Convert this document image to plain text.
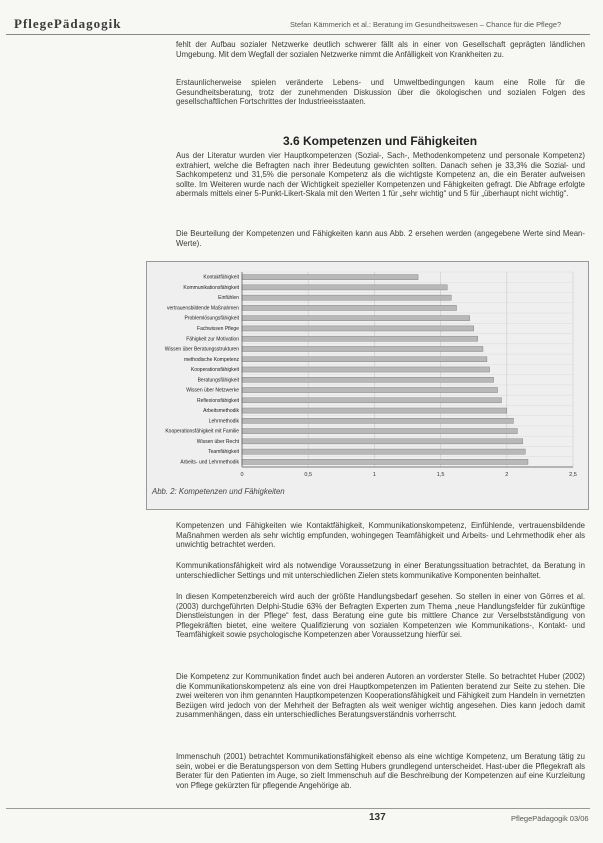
PflegePädagogik	Stefan Kämmerich et al.: Beratung im Gesundheitswesen – Chance für die Pflege?
fehlt der Aufbau sozialer Netzwerke deutlich schwerer fällt als in einer von Gesellschaft geprägten ländlichen Umgebung. Mit dem Wegfall der sozialen Netzwerke nimmt die Anfälligkeit von Krankheiten zu.
Erstaunlicherweise spielen veränderte Lebens- und Umweltbedingungen kaum eine Rolle für die Gesundheitsberatung, trotz der zunehmenden Diskussion über die ökologischen und sozialen Folgen des gesellschaftlichen Fortschrittes der Industrieeisstaaten.
3.6 Kompetenzen und Fähigkeiten
Aus der Literatur wurden vier Hauptkompetenzen (Sozial-, Sach-, Methodenkompetenz und personale Kompetenz) extrahiert, welche die Befragten nach ihrer Bedeutung gewichten sollten. Danach sehen je 33,3% die Sozial- und Sachkompetenz und 31,5% die personale Kompetenz als die wichtigste Kompetenz an, die ein Berater aufweisen sollte. Im Weiteren wurde nach der Wichtigkeit spezieller Kompetenzen und Fähigkeiten gefragt. Die Abfrage erfolgte abermals mittels einer 5-Punkt-Likert-Skala mit den Werten 1 für „sehr wichtig“ und 5 für „überhaupt nicht wichtig“.
Die Beurteilung der Kompetenzen und Fähigkeiten kann aus Abb. 2 ersehen werden (angegebene Werte sind Mean-Werte).
0	0,5	1	1,5	2	2,5
Kontaktfähigkeit
Kommunikationsfähigkeit
Einfühlen
vertrauensbildende Maßnahmen
Problemlösungsfähigkeit
Fachwissen Pflege
Fähigkeit zur Motivation
Wissen über Beratungsstrukturen
methodische Kompetenz
Kooperationsfähigkeit
Beratungsfähigkeit
Wissen über Netzwerke
Reflexionsfähigkeit
Arbeitsmethodik
Lehrmethodik
Kooperationsfähigkeit mit Familie
Wissen über Recht
Teamfähigkeit
Arbeits- und Lehrmethodik
Abb. 2: Kompetenzen und Fähigkeiten
Kompetenzen und Fähigkeiten wie Kontaktfähigkeit, Kommunikationskompetenz, Einfühlende, vertrauensbildende Maßnahmen werden als sehr wichtig empfunden, wohingegen Teamfähigkeit und Arbeits- und Lehrmethodik eher als unwichtig betrachtet werden.
Kommunikationsfähigkeit wird als notwendige Voraussetzung in einer Beratungssituation betrachtet, da Beratung in unterschiedlicher Settings und mit unterschiedlichen Zielen stets kommunikative Komponenten beinhaltet.
In diesen Kompetenzbereich wird auch der größte Handlungsbedarf gesehen. So stellen in einer von Görres et al. (2003) durchgeführten Delphi-Studie 63% der Befragten Experten zum Thema „neue Handlungsfelder für zukünftige Dienstleistungen in der Pflege“ fest, dass Beratung eine gute bis mittlere Chance zur Verselbstständigung von Pflegekräften bietet, eine weitere Qualifizierung von sozialen Kompetenzen wie Kommunikations-, Kontakt- und Teamfähigkeit sowie psychologische Kompetenzen aber Voraussetzung hierfür sei.
Die Kompetenz zur Kommunikation findet auch bei anderen Autoren an vorderster Stelle. So betrachtet Huber (2002) die Kommunikationskompetenz als eine von drei Hauptkompetenzen im Patienten beratend zur Seite zu stehen. Die zwei weiteren von ihm genannten Hauptkompetenzen Kooperationsfähigkeit und Fähigkeit zum Handeln in vernetzten Bezügen wird jedoch von der Mehrheit der Befragten als weit weniger wichtig angesehen. Dies kann jedoch damit zusammenhängen, dass ein unterschiedliches Beratungsverständnis vorherrscht.
Immenschuh (2001) betrachtet Kommunikationsfähigkeit ebenso als eine wichtige Kompetenz, um Beratung tätig zu sein, wobei er die Beratungsperson von dem Setting Hubers grundlegend unterscheidet. Hast-uber die Pflegekraft als Berater für den Patienten im Auge, so zielt Immenschuh auf die Beschreibung der Kompetenzen auf eine Kurzleitung von Pflege gekürzten für pflegende Angehörige ab.
137	PflegePädagogik 03/06
